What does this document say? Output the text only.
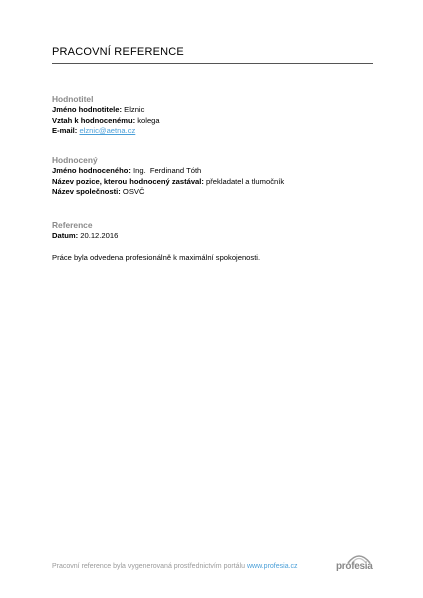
PRACOVNÍ REFERENCE
Hodnotitel
Jméno hodnotitele: Elznic
Vztah k hodnocenému: kolega
E-mail: elznic@aetna.cz
Hodnocený
Jméno hodnoceného: Ing.  Ferdinand Tóth
Název pozice, kterou hodnocený zastával: překladatel a tlumočník
Název společnosti: OSVČ
Reference
Datum: 20.12.2016
Práce byla odvedena profesionálně k maximální spokojenosti.
Pracovní reference byla vygenerovaná prostřednictvím portálu www.profesia.cz	profesia
